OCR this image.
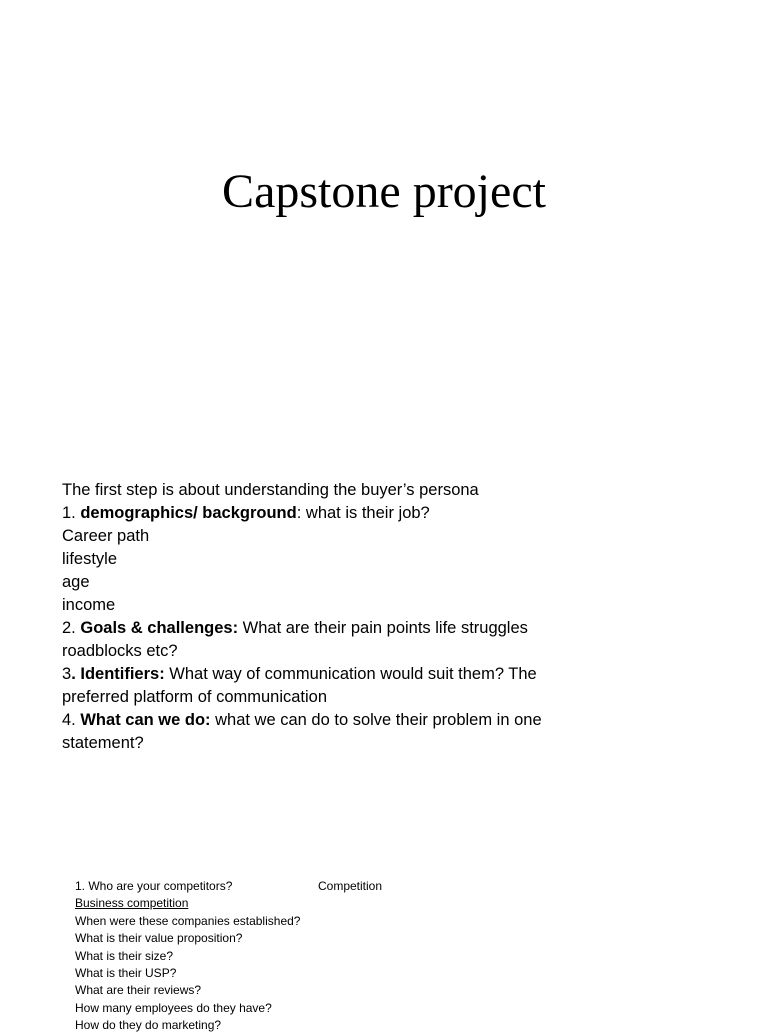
Capstone project
The first step is about understanding the buyer’s persona
1. demographics/ background: what is their job?
Career path
lifestyle
age
income
2. Goals & challenges: What are their pain points life struggles
roadblocks etc?
3. Identifiers: What way of communication would suit them? The
preferred platform of communication
4. What can we do: what we can do to solve their problem in one
statement?
1. Who are your competitors?	Competition
Business competition
When were these companies established?
What is their value proposition?
What is their size?
What is their USP?
What are their reviews?
How many employees do they have?
How do they do marketing?
